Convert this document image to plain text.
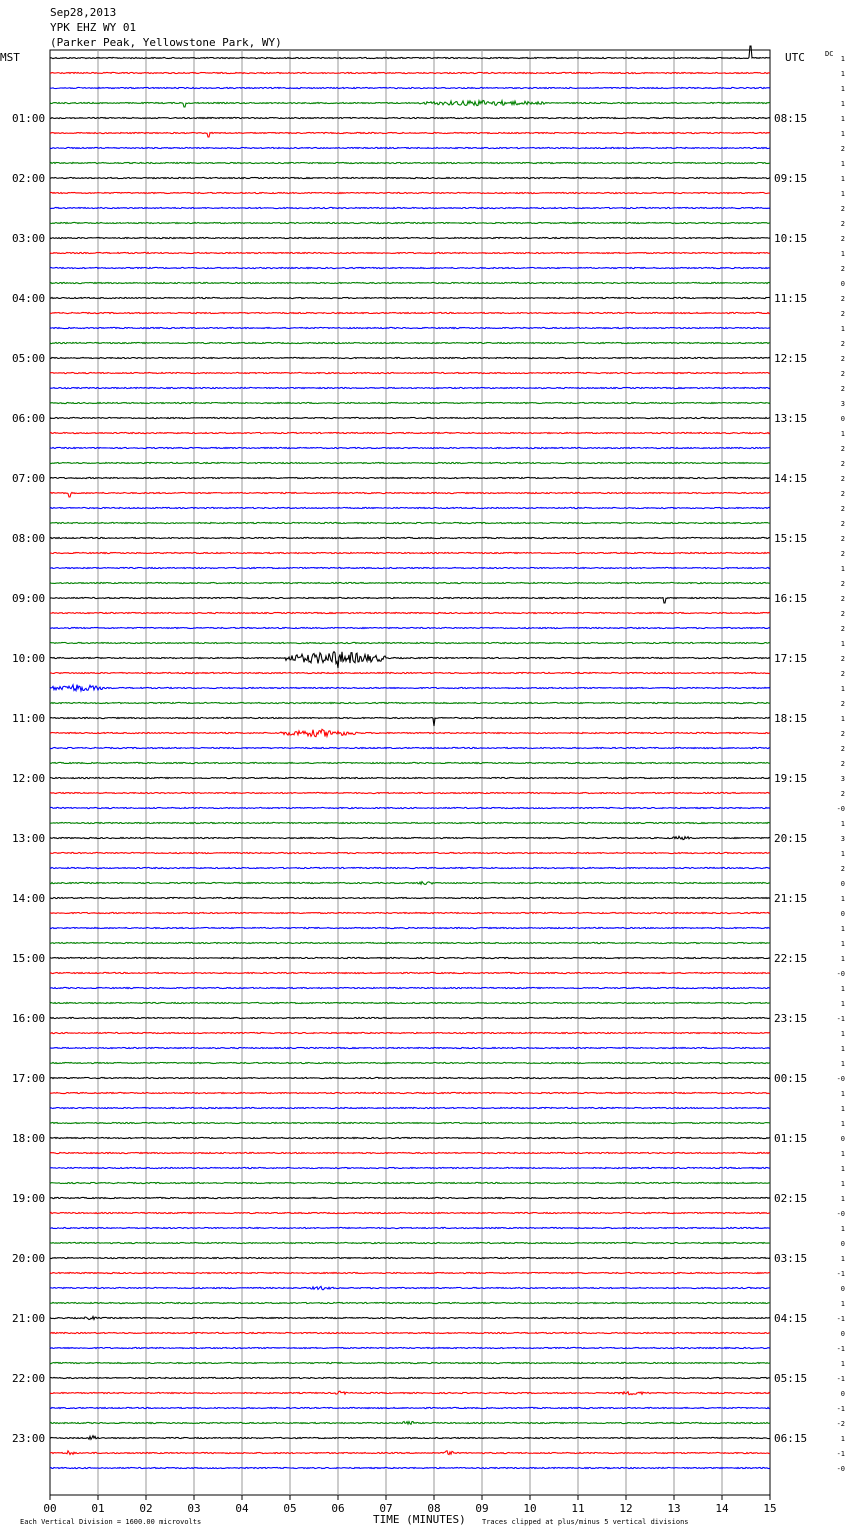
Sep28,2013
YPK EHZ WY 01
(Parker Peak, Yellowstone Park, WY)
MST	UTC	DC
01:00
02:00
03:00
04:00
05:00
06:00
07:00
08:00
09:00
10:00
11:00
12:00
13:00
14:00
15:00
16:00
17:00
18:00
19:00
20:00
21:00
22:00
23:00
08:15
09:15
10:15
11:15
12:15
13:15
14:15
15:15
16:15
17:15
18:15
19:15
20:15
21:15
22:15
23:15
00:15
01:15
02:15
03:15
04:15
05:15
06:15
1
1
1
1
1
1
2
1
1
1
2
2
2
1
2
0
2
2
1
2
2
2
2
3
0
1
2
2
2
2
2
2
2
2
1
2
2
2
2
1
2
2
1
2
1
2
2
2
3
2
-0
1
3
1
2
0
1
0
1
1
1
-0
1
1
-1
1
1
1
-0
1
1
1
0
1
1
1
1
-0
1
0
1
-1
0
1
-1
0
-1
1
-1
0
-1
-2
1
-1
-0
00	01	02	03	04	05	06	07	08	09	10	11	12	13	14	15
TIME (MINUTES)
Each Vertical Division = 1600.00 microvolts	Traces clipped at plus/minus 5 vertical divisions
